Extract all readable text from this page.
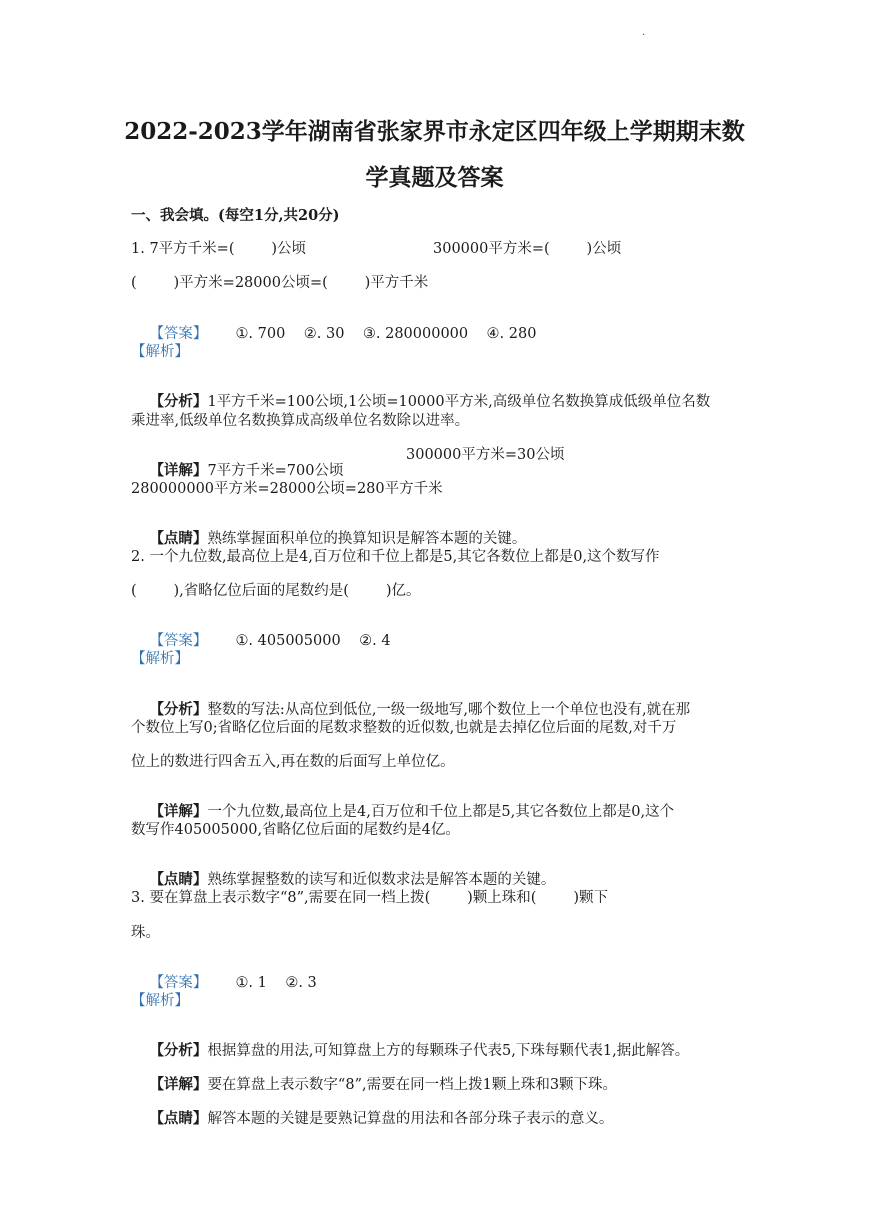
·
2022-2023学年湖南省张家界市永定区四年级上学期期末数
学真题及答案
一、我会填。(每空1分,共20分)
1. 7平方千米=(        )公顷	300000平方米=(        )公顷
(        )平方米=28000公顷=(        )平方千米

【答案】 ①. 700    ②. 30    ③. 280000000    ④. 280

【解析】

【分析】1平方千米=100公顷,1公顷=10000平方米,高级单位名数换算成低级单位名数

乘进率,低级单位名数换算成高级单位名数除以进率。

【详解】7平方千米=700公顷

300000平方米=30公顷
280000000平方米=28000公顷=280平方千米

【点睛】熟练掌握面积单位的换算知识是解答本题的关键。

2. 一个九位数,最高位上是4,百万位和千位上都是5,其它各数位上都是0,这个数写作
(        ),省略亿位后面的尾数约是(        )亿。

【答案】 ①. 405005000    ②. 4

【解析】

【分析】整数的写法:从高位到低位,一级一级地写,哪个数位上一个单位也没有,就在那

个数位上写0;省略亿位后面的尾数求整数的近似数,也就是去掉亿位后面的尾数,对千万
位上的数进行四舍五入,再在数的后面写上单位亿。

【详解】一个九位数,最高位上是4,百万位和千位上都是5,其它各数位上都是0,这个

数写作405005000,省略亿位后面的尾数约是4亿。

【点睛】熟练掌握整数的读写和近似数求法是解答本题的关键。

3. 要在算盘上表示数字“8”,需要在同一档上拨(        )颗上珠和(        )颗下
珠。

【答案】 ①. 1    ②. 3

【解析】

【分析】根据算盘的用法,可知算盘上方的每颗珠子代表5,下珠每颗代表1,据此解答。

【详解】要在算盘上表示数字“8”,需要在同一档上拨1颗上珠和3颗下珠。

【点睛】解答本题的关键是要熟记算盘的用法和各部分珠子表示的意义。
